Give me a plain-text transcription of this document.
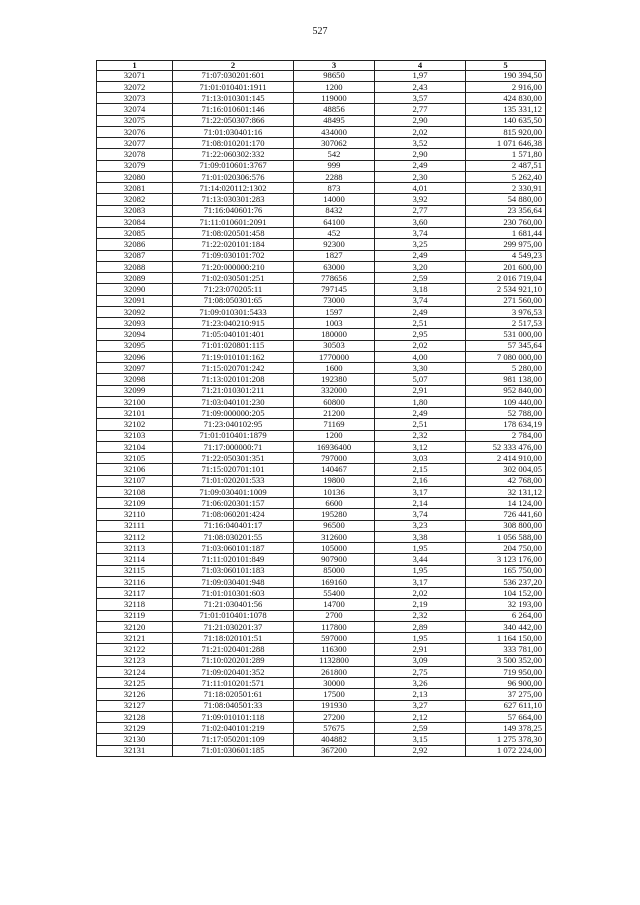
527
1	2	3	4	5
32071	71:07:030201:601	98650	1,97	190 394,50
32072	71:01:010401:1911	1200	2,43	2 916,00
32073	71:13:010301:145	119000	3,57	424 830,00
32074	71:16:010601:146	48856	2,77	135 331,12
32075	71:22:050307:866	48495	2,90	140 635,50
32076	71:01:030401:16	434000	2,02	815 920,00
32077	71:08:010201:170	307062	3,52	1 071 646,38
32078	71:22:060302:332	542	2,90	1 571,80
32079	71:09:010601:3767	999	2,49	2 487,51
32080	71:01:020306:576	2288	2,30	5 262,40
32081	71:14:020112:1302	873	4,01	2 330,91
32082	71:13:030301:283	14000	3,92	54 880,00
32083	71:16:040601:76	8432	2,77	23 356,64
32084	71:11:010601:2091	64100	3,60	230 760,00
32085	71:08:020501:458	452	3,74	1 681,44
32086	71:22:020101:184	92300	3,25	299 975,00
32087	71:09:030101:702	1827	2,49	4 549,23
32088	71:20:000000:210	63000	3,20	201 600,00
32089	71:02:030501:251	778656	2,59	2 016 719,04
32090	71:23:070205:11	797145	3,18	2 534 921,10
32091	71:08:050301:65	73000	3,74	271 560,00
32092	71:09:010301:5433	1597	2,49	3 976,53
32093	71:23:040210:915	1003	2,51	2 517,53
32094	71:05:040101:401	180000	2,95	531 000,00
32095	71:01:020801:115	30503	2,02	57 345,64
32096	71:19:010101:162	1770000	4,00	7 080 000,00
32097	71:15:020701:242	1600	3,30	5 280,00
32098	71:13:020101:208	192380	5,07	981 138,00
32099	71:21:010301:211	332000	2,91	952 840,00
32100	71:03:040101:230	60800	1,80	109 440,00
32101	71:09:000000:205	21200	2,49	52 788,00
32102	71:23:040102:95	71169	2,51	178 634,19
32103	71:01:010401:1879	1200	2,32	2 784,00
32104	71:17:000000:71	16936400	3,12	52 333 476,00
32105	71:22:050301:351	797000	3,03	2 414 910,00
32106	71:15:020701:101	140467	2,15	302 004,05
32107	71:01:020201:533	19800	2,16	42 768,00
32108	71:09:030401:1009	10136	3,17	32 131,12
32109	71:06:020301:157	6600	2,14	14 124,00
32110	71:08:060201:424	195280	3,74	726 441,60
32111	71:16:040401:17	96500	3,23	308 800,00
32112	71:08:030201:55	312600	3,38	1 056 588,00
32113	71:03:060101:187	105000	1,95	204 750,00
32114	71:11:020101:849	907900	3,44	3 123 176,00
32115	71:03:060101:183	85000	1,95	165 750,00
32116	71:09:030401:948	169160	3,17	536 237,20
32117	71:01:010301:603	55400	2,02	104 152,00
32118	71:21:030401:56	14700	2,19	32 193,00
32119	71:01:010401:1078	2700	2,32	6 264,00
32120	71:21:030201:37	117800	2,89	340 442,00
32121	71:18:020101:51	597000	1,95	1 164 150,00
32122	71:21:020401:288	116300	2,91	333 781,00
32123	71:10:020201:289	1132800	3,09	3 500 352,00
32124	71:09:020401:352	261800	2,75	719 950,00
32125	71:11:010201:571	30000	3,26	96 900,00
32126	71:18:020501:61	17500	2,13	37 275,00
32127	71:08:040501:33	191930	3,27	627 611,10
32128	71:09:010101:118	27200	2,12	57 664,00
32129	71:02:040101:219	57675	2,59	149 378,25
32130	71:17:050201:109	404882	3,15	1 275 378,30
32131	71:01:030601:185	367200	2,92	1 072 224,00
